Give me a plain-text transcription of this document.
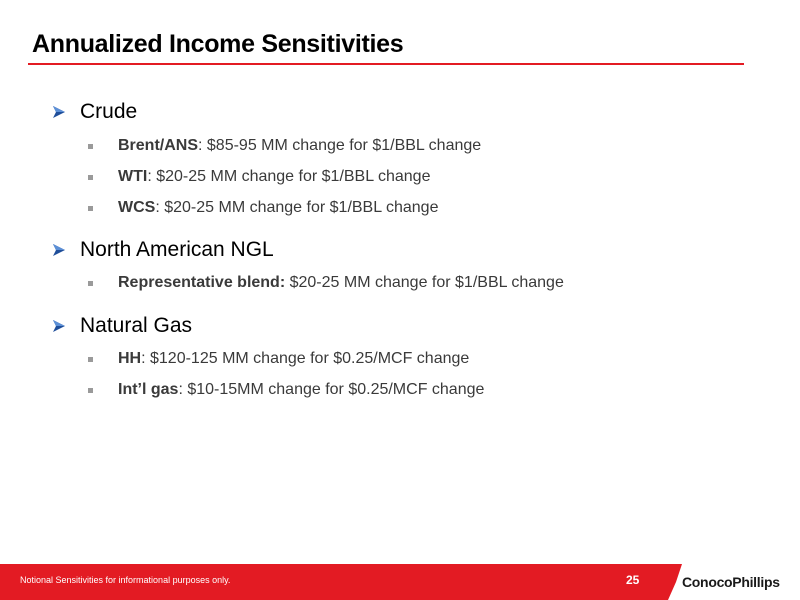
Annualized Income Sensitivities
Crude
Brent/ANS: $85-95 MM change for $1/BBL change
WTI: $20-25 MM change for $1/BBL change
WCS: $20-25 MM change for $1/BBL change
North American NGL
Representative blend: $20-25 MM change for $1/BBL change
Natural Gas
HH: $120-125 MM change for $0.25/MCF change
Int’l gas: $10-15MM change for $0.25/MCF change
Notional Sensitivities for informational purposes only.	25	ConocoPhillips
